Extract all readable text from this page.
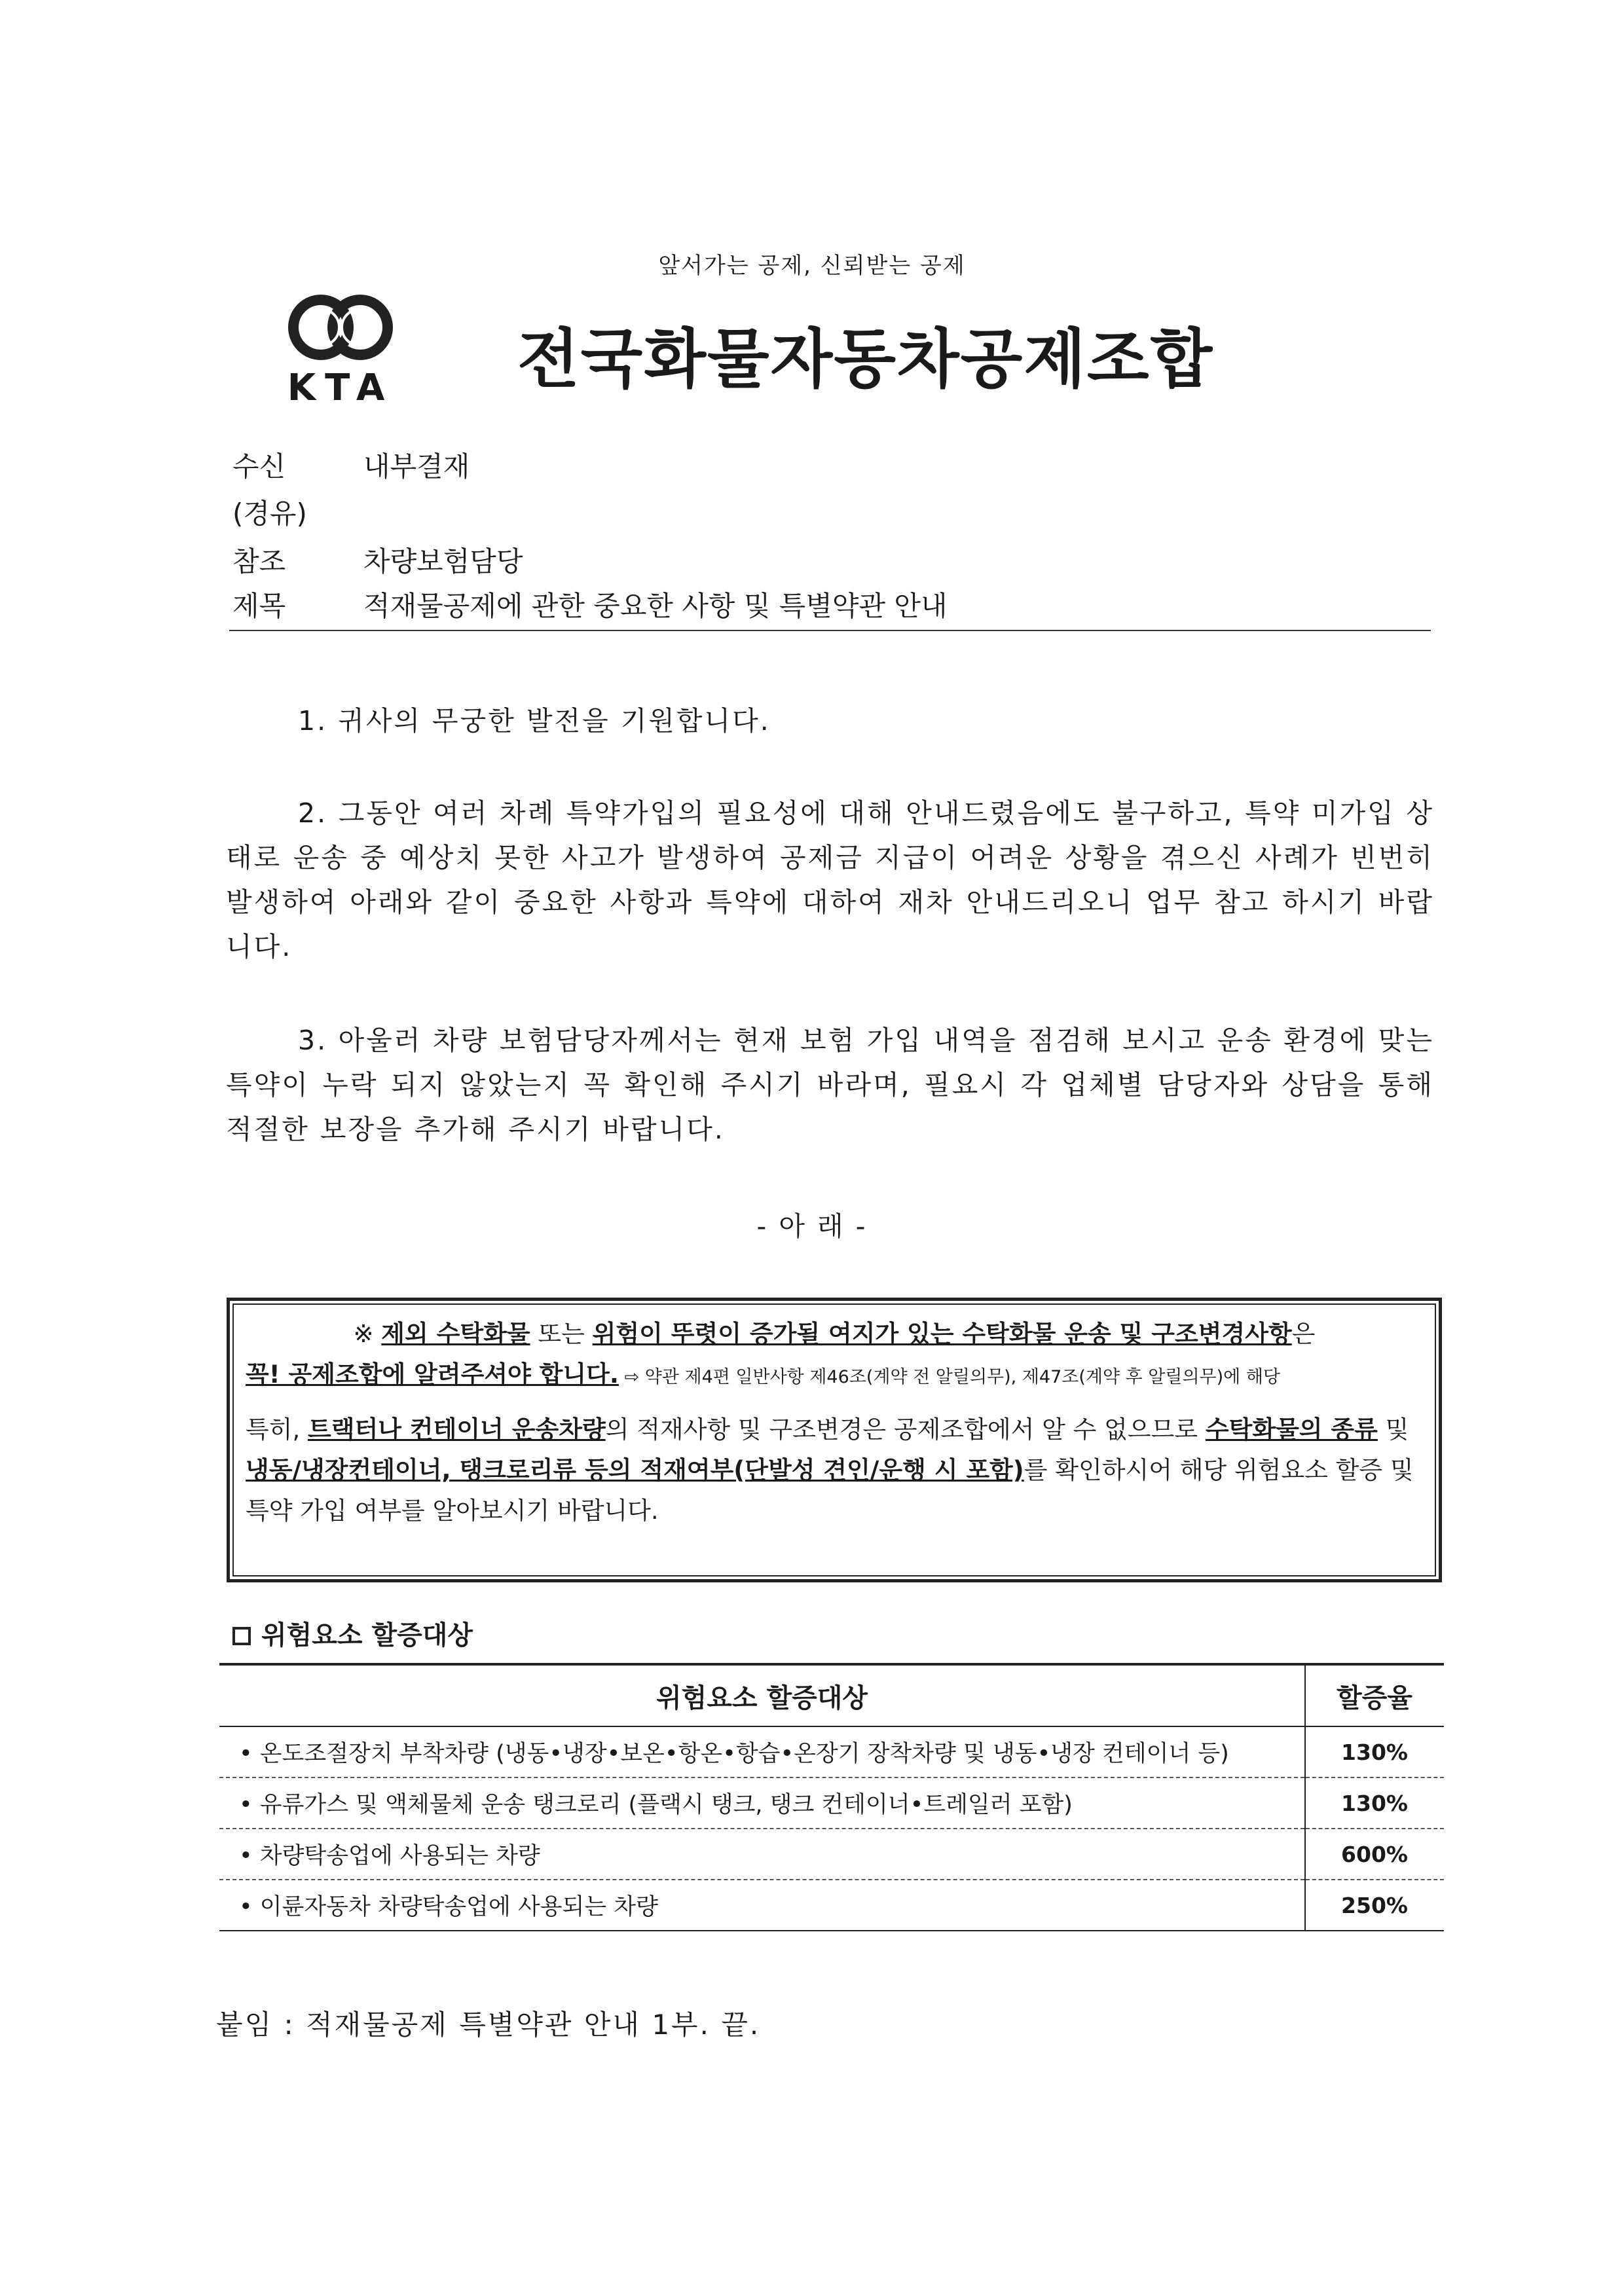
앞서가는 공제, 신뢰받는 공제
KTA 전국화물자동차공제조합
수신	내부결재
(경유)
참조	차량보험담당
제목	적재물공제에 관한 중요한 사항 및 특별약관 안내
1. 귀사의 무궁한 발전을 기원합니다.
2. 그동안 여러 차례 특약가입의 필요성에 대해 안내드렸음에도 불구하고, 특약 미가입 상태로 운송 중 예상치 못한 사고가 발생하여 공제금 지급이 어려운 상황을 겪으신 사례가 빈번히 발생하여 아래와 같이 중요한 사항과 특약에 대하여 재차 안내드리오니 업무 참고 하시기 바랍니다.
3. 아울러 차량 보험담당자께서는 현재 보험 가입 내역을 점검해 보시고 운송 환경에 맞는 특약이 누락 되지 않았는지 꼭 확인해 주시기 바라며, 필요시 각 업체별 담당자와 상담을 통해 적절한 보장을 추가해 주시기 바랍니다.
- 아 래 -
※ 제외 수탁화물 또는 위험이 뚜렷이 증가될 여지가 있는 수탁화물 운송 및 구조변경사항은
꼭! 공제조합에 알려주셔야 합니다. ⇨ 약관 제4편 일반사항 제46조(계약 전 알릴의무), 제47조(계약 후 알릴의무)에 해당
특히, 트랙터나 컨테이너 운송차량의 적재사항 및 구조변경은 공제조합에서 알 수 없으므로 수탁화물의 종류 및 냉동/냉장컨테이너, 탱크로리류 등의 적재여부(단발성 견인/운행 시 포함)를 확인하시어 해당 위험요소 할증 및 특약 가입 여부를 알아보시기 바랍니다.
위험요소 할증대상
위험요소 할증대상	할증율
• 온도조절장치 부착차량 (냉동•냉장•보온•항온•항습•온장기 장착차량 및 냉동•냉장 컨테이너 등)	130%
• 유류가스 및 액체물체 운송 탱크로리 (플랙시 탱크, 탱크 컨테이너•트레일러 포함)	130%
• 차량탁송업에 사용되는 차량	600%
• 이륜자동차 차량탁송업에 사용되는 차량	250%
붙임 : 적재물공제 특별약관 안내 1부. 끝.
